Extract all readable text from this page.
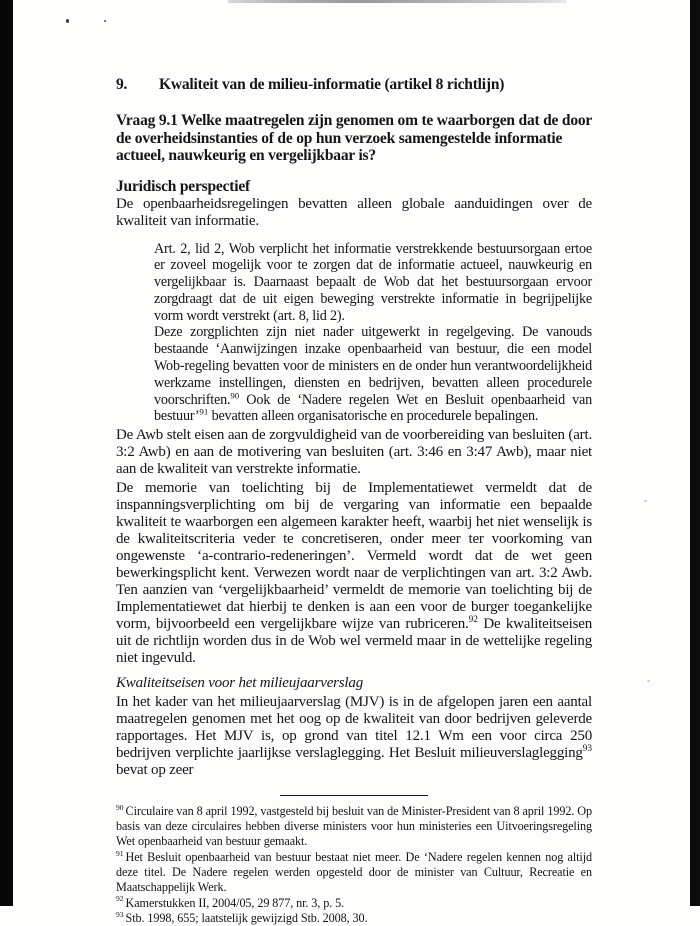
9. Kwaliteit van de milieu-informatie (artikel 8 richtlijn)

Vraag 9.1 Welke maatregelen zijn genomen om te waarborgen dat de door de overheidsinstanties of de op hun verzoek samengestelde informatie actueel, nauwkeurig en vergelijkbaar is?

Juridisch perspectief

De openbaarheidsregelingen bevatten alleen globale aanduidingen over de kwaliteit van informatie.

Art. 2, lid 2, Wob verplicht het informatie verstrekkende bestuursorgaan ertoe er zoveel mogelijk voor te zorgen dat de informatie actueel, nauwkeurig en vergelijkbaar is. Daarnaast bepaalt de Wob dat het bestuursorgaan ervoor zorgdraagt dat de uit eigen beweging verstrekte informatie in begrijpelijke vorm wordt verstrekt (art. 8, lid 2).

Deze zorgplichten zijn niet nader uitgewerkt in regelgeving. De vanouds bestaande ‘Aanwijzingen inzake openbaarheid van bestuur, die een model Wob-regeling bevatten voor de ministers en de onder hun verantwoordelijkheid werkzame instellingen, diensten en bedrijven, bevatten alleen procedurele voorschriften.$^{90}$ Ook de ‘Nadere regelen Wet en Besluit openbaarheid van bestuur’$^{91}$ bevatten alleen organisatorische en procedurele bepalingen.

De Awb stelt eisen aan de zorgvuldigheid van de voorbereiding van besluiten (art. 3:2 Awb) en aan de motivering van besluiten (art. 3:46 en 3:47 Awb), maar niet aan de kwaliteit van verstrekte informatie.

De memorie van toelichting bij de Implementatiewet vermeldt dat de inspanningsverplichting om bij de vergaring van informatie een bepaalde kwaliteit te waarborgen een algemeen karakter heeft, waarbij het niet wenselijk is de kwaliteitscriteria veder te concretiseren, onder meer ter voorkoming van ongewenste ‘a-contrario-redeneringen’. Vermeld wordt dat de wet geen bewerkingsplicht kent. Verwezen wordt naar de verplichtingen van art. 3:2 Awb. Ten aanzien van ‘vergelijkbaarheid’ vermeldt de memorie van toelichting bij de Implementatiewet dat hierbij te denken is aan een voor de burger toegankelijke vorm, bijvoorbeeld een vergelijkbare wijze van rubriceren.$^{92}$ De kwaliteitseisen uit de richtlijn worden dus in de Wob wel vermeld maar in de wettelijke regeling niet ingevuld.

Kwaliteitseisen voor het milieujaarverslag

In het kader van het milieujaarverslag (MJV) is in de afgelopen jaren een aantal maatregelen genomen met het oog op de kwaliteit van door bedrijven geleverde rapportages. Het MJV is, op grond van titel 12.1 Wm een voor circa 250 bedrijven verplichte jaarlijkse verslaglegging. Het Besluit milieuverslaglegging$^{93}$ bevat op zeer

$^{90}$ Circulaire van 8 april 1992, vastgesteld bij besluit van de Minister-President van 8 april 1992. Op basis van deze circulaires hebben diverse ministers voor hun ministeries een Uitvoeringsregeling Wet openbaarheid van bestuur gemaakt.

$^{91}$ Het Besluit openbaarheid van bestuur bestaat niet meer. De ‘Nadere regelen kennen nog altijd deze titel. De Nadere regelen werden opgesteld door de minister van Cultuur, Recreatie en Maatschappelijk Werk.

$^{92}$ Kamerstukken II, 2004/05, 29 877, nr. 3, p. 5.

$^{93}$ Stb. 1998, 655; laatstelijk gewijzigd Stb. 2008, 30.
